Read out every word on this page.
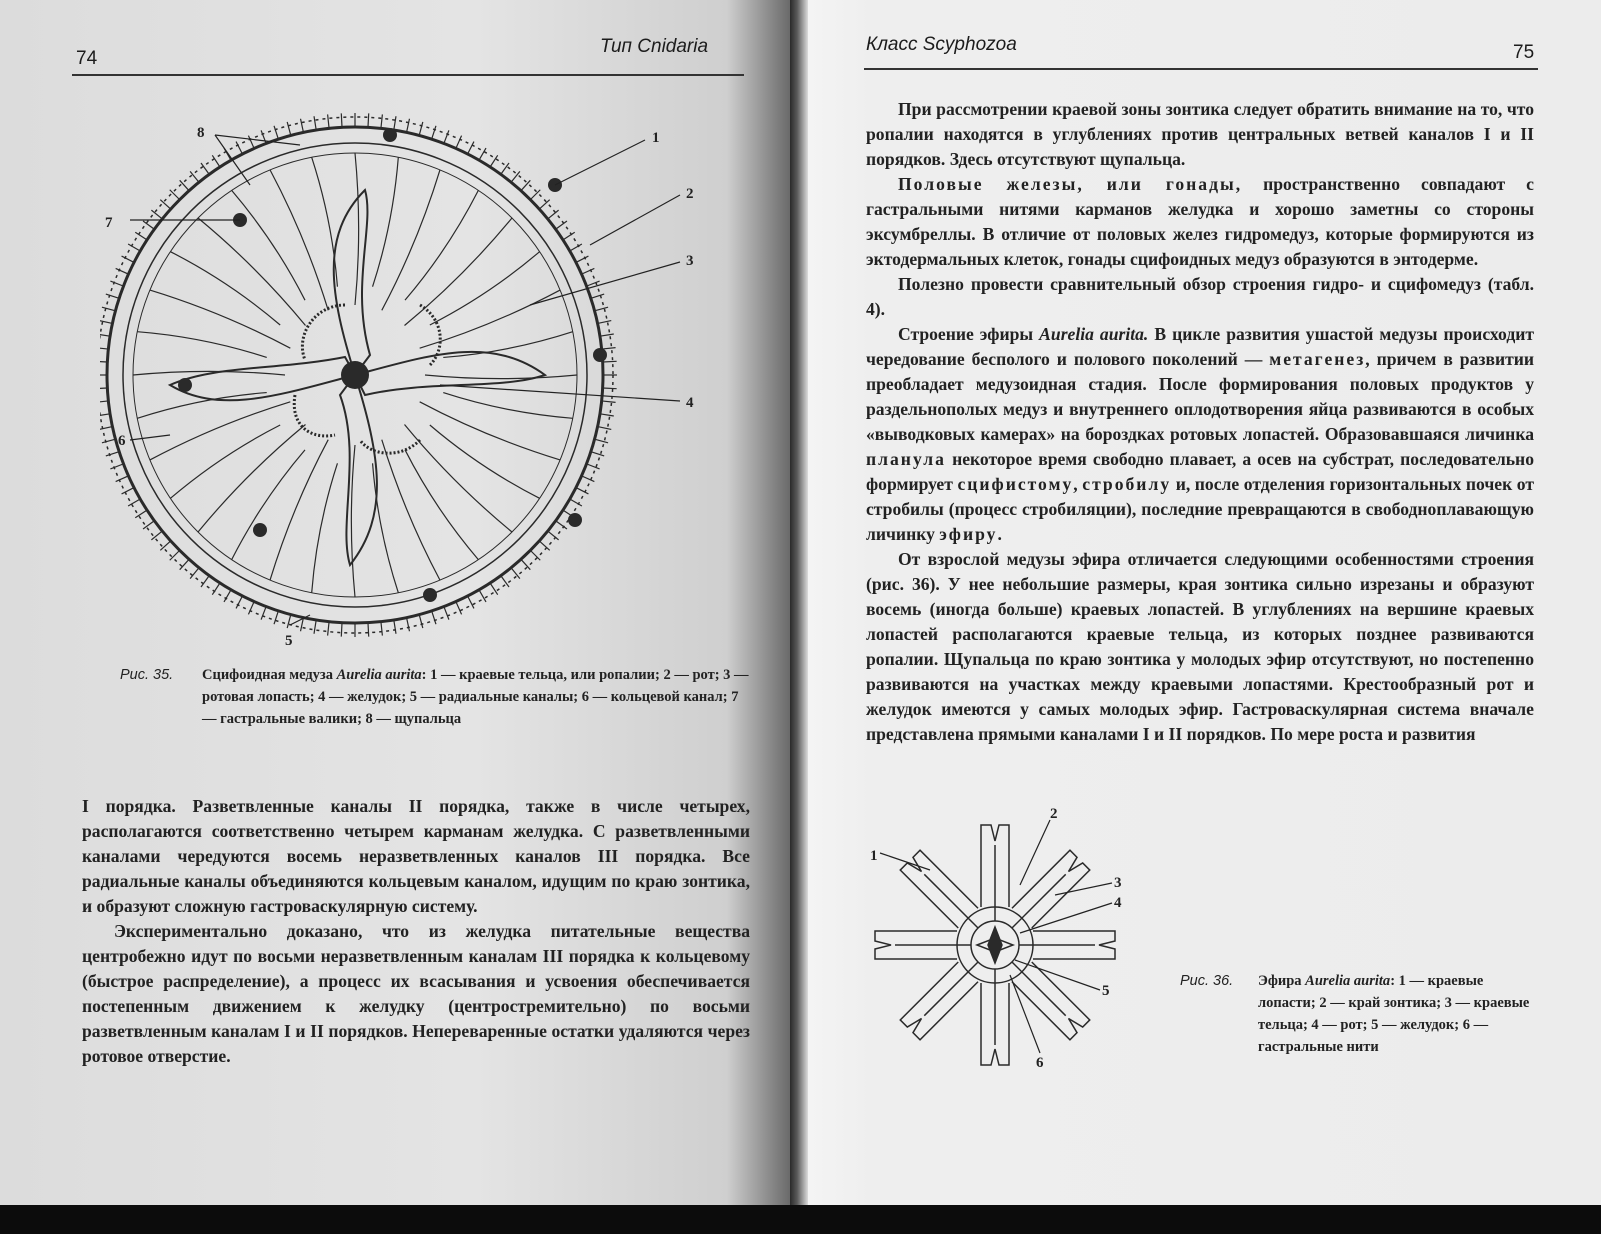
74
Тип Cnidaria
1
2
3
4
5
6
7
8
Рис. 35. Сцифоидная медуза Aurelia aurita: 1 — краевые тельца, или ропалии; 2 — рот; 3 — ротовая лопасть; 4 — желудок; 5 — радиальные каналы; 6 — кольцевой канал; 7 — гастральные валики; 8 — щупальца

I порядка. Разветвленные каналы II порядка, также в числе четырех, располагаются соответственно четырем карманам желудка. С разветвленными каналами чередуются восемь неразветвленных каналов III порядка. Все радиальные каналы объединяются кольцевым каналом, идущим по краю зонтика, и образуют сложную гастроваскулярную систему.

Экспериментально доказано, что из желудка питательные вещества центробежно идут по восьми неразветвленным каналам III порядка к кольцевому (быстрое распределение), а процесс их всасывания и усвоения обеспечивается постепенным движением к желудку (центростремительно) по восьми разветвленным каналам I и II порядков. Непереваренные остатки удаляются через ротовое отверстие.

Класс Scyphozoa	75

При рассмотрении краевой зоны зонтика следует обратить внимание на то, что ропалии находятся в углублениях против центральных ветвей каналов I и II порядков. Здесь отсутствуют щупальца.

Половые железы, или гонады, пространственно совпадают с гастральными нитями карманов желудка и хорошо заметны со стороны эксумбреллы. В отличие от половых желез гидромедуз, которые формируются из эктодермальных клеток, гонады сцифоидных медуз образуются в энтодерме.

Полезно провести сравнительный обзор строения гидро- и сцифомедуз (табл. 4).

Строение эфиры Aurelia aurita. В цикле развития ушастой медузы происходит чередование бесполого и полового поколений — метагенез, причем в развитии преобладает медузоидная стадия. После формирования половых продуктов у раздельнополых медуз и внутреннего оплодотворения яйца развиваются в особых «выводковых камерах» на бороздках ротовых лопастей. Образовавшаяся личинка планула некоторое время свободно плавает, а осев на субстрат, последовательно формирует сцифистому, стробилу и, после отделения горизонтальных почек от стробилы (процесс стробиляции), последние превращаются в свободноплавающую личинку эфиру.

От взрослой медузы эфира отличается следующими особенностями строения (рис. 36). У нее небольшие размеры, края зонтика сильно изрезаны и образуют восемь (иногда больше) краевых лопастей. В углублениях на вершине краевых лопастей располагаются краевые тельца, из которых позднее развиваются ропалии. Щупальца по краю зонтика у молодых эфир отсутствуют, но постепенно развиваются на участках между краевыми лопастями. Крестообразный рот и желудок имеются у самых молодых эфир. Гастроваскулярная система вначале представлена прямыми каналами I и II порядков. По мере роста и развития

1
2
3
4
5
6
Рис. 36. Эфира Aurelia aurita: 1 — краевые лопасти; 2 — край зонтика; 3 — краевые тельца; 4 — рот; 5 — желудок; 6 — гастральные нити
